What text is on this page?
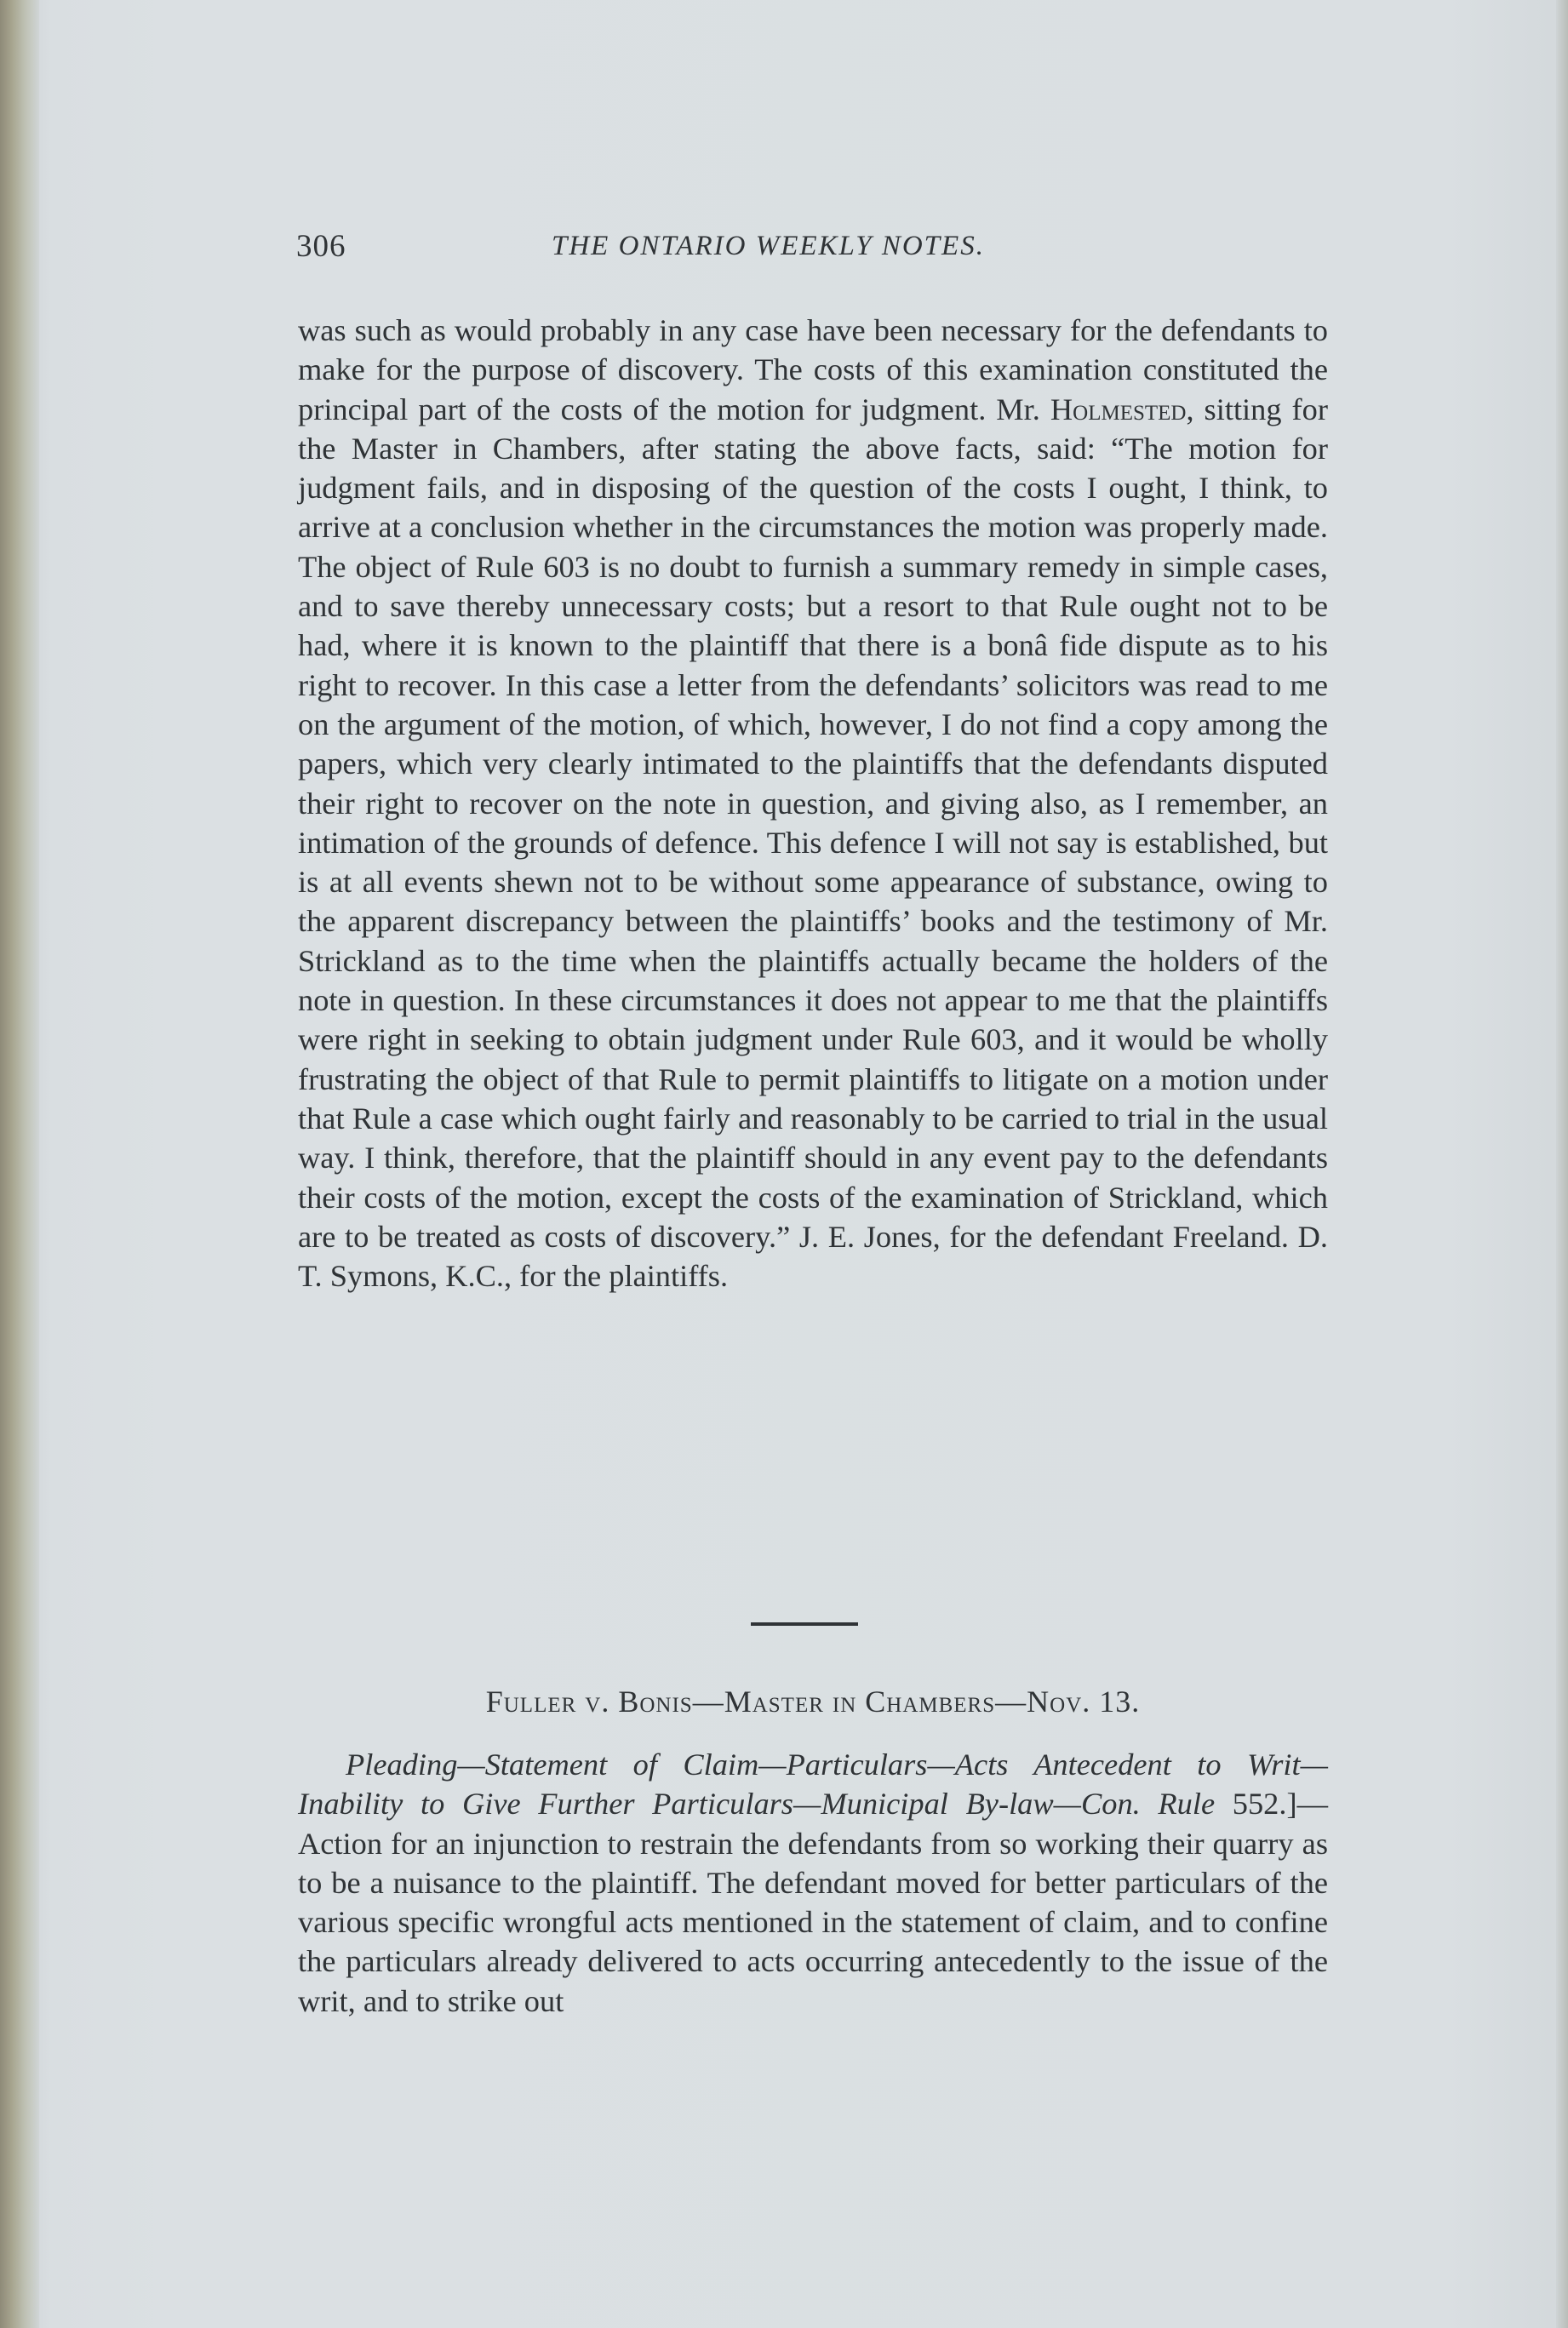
306	THE ONTARIO WEEKLY NOTES.

was such as would probably in any case have been necessary for the defendants to make for the purpose of discovery. The costs of this examination constituted the principal part of the costs of the motion for judgment. Mr. Holmested, sitting for the Master in Chambers, after stating the above facts, said: “The motion for judgment fails, and in disposing of the question of the costs I ought, I think, to arrive at a conclusion whether in the circumstances the motion was properly made. The object of Rule 603 is no doubt to furnish a summary remedy in simple cases, and to save thereby unnecessary costs; but a resort to that Rule ought not to be had, where it is known to the plaintiff that there is a bonâ fide dispute as to his right to recover. In this case a letter from the defendants’ solicitors was read to me on the argument of the motion, of which, however, I do not find a copy among the papers, which very clearly intimated to the plaintiffs that the defendants disputed their right to recover on the note in question, and giving also, as I remember, an intimation of the grounds of defence. This defence I will not say is established, but is at all events shewn not to be without some appearance of substance, owing to the apparent discrepancy between the plaintiffs’ books and the testimony of Mr. Strickland as to the time when the plaintiffs actually became the holders of the note in question. In these circumstances it does not appear to me that the plaintiffs were right in seeking to obtain judgment under Rule 603, and it would be wholly frustrating the object of that Rule to permit plaintiffs to litigate on a motion under that Rule a case which ought fairly and reasonably to be carried to trial in the usual way. I think, therefore, that the plaintiff should in any event pay to the defendants their costs of the motion, except the costs of the examination of Strickland, which are to be treated as costs of discovery.” J. E. Jones, for the defendant Freeland. D. T. Symons, K.C., for the plaintiffs.

Fuller v. Bonis—Master in Chambers—Nov. 13.

Pleading—Statement of Claim—Particulars—Acts Antecedent to Writ—Inability to Give Further Particulars—Municipal By-law—Con. Rule 552.]—Action for an injunction to restrain the defendants from so working their quarry as to be a nuisance to the plaintiff. The defendant moved for better particulars of the various specific wrongful acts mentioned in the statement of claim, and to confine the particulars already delivered to acts occurring antecedently to the issue of the writ, and to strike out
